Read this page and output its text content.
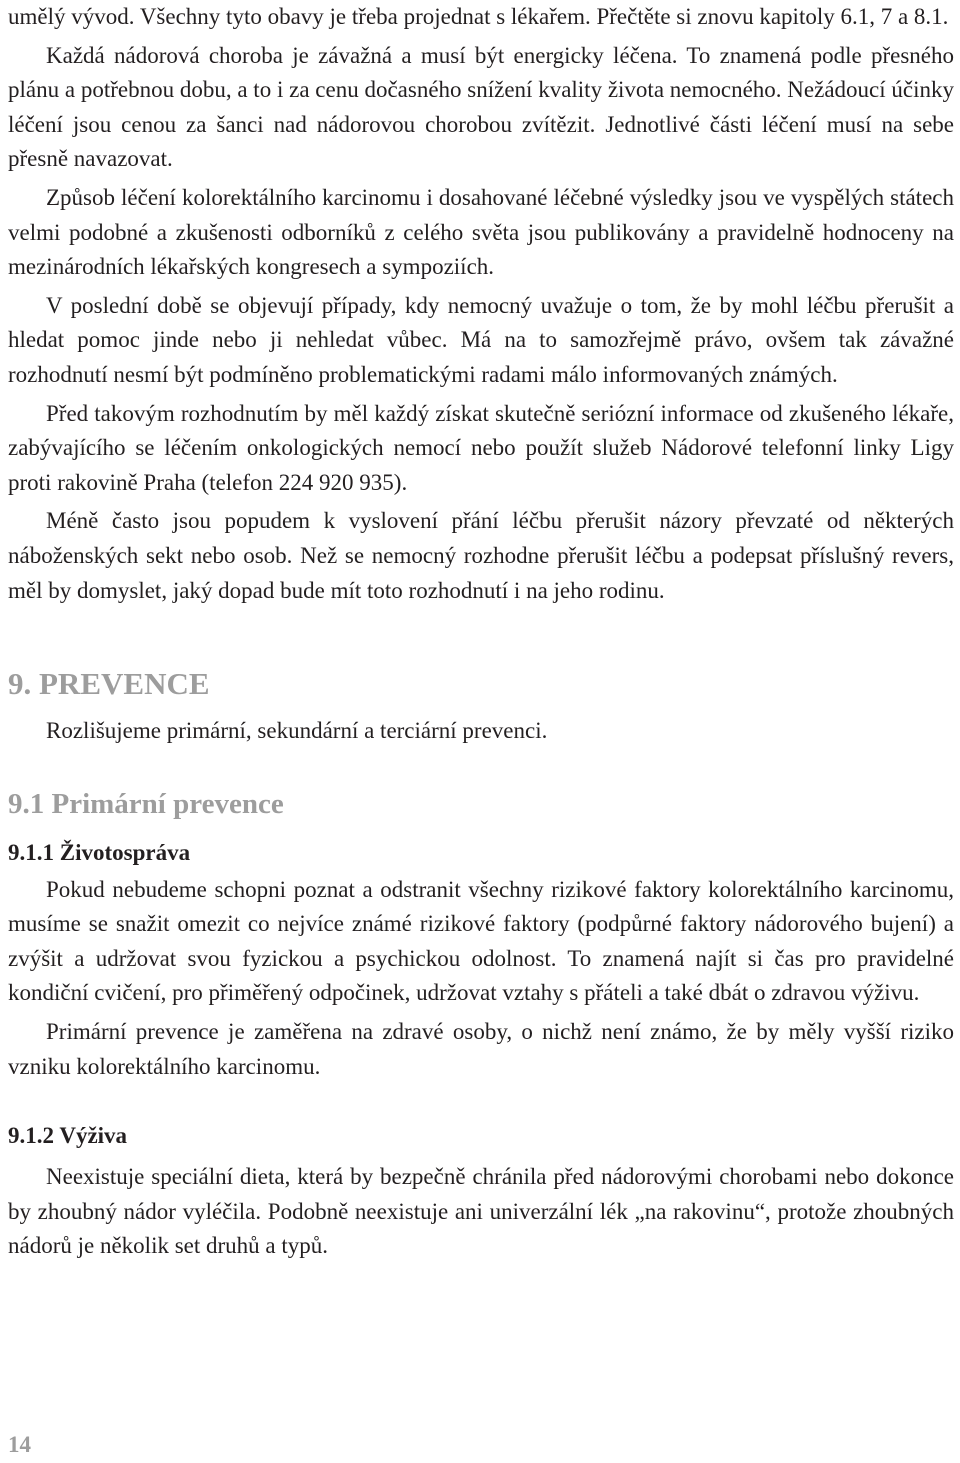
umělý vývod. Všechny tyto obavy je třeba projednat s lékařem. Přečtěte si znovu kapitoly 6.1, 7 a 8.1.

Každá nádorová choroba je závažná a musí být energicky léčena. To znamená podle přesného plánu a potřebnou dobu, a to i za cenu dočasného snížení kvality života nemocného. Nežádoucí účinky léčení jsou cenou za šanci nad nádorovou chorobou zvítězit. Jednotlivé části léčení musí na sebe přesně navazovat.

Způsob léčení kolorektálního karcinomu i dosahované léčebné výsledky jsou ve vyspělých státech velmi podobné a zkušenosti odborníků z celého světa jsou publikovány a pravidelně hodnoceny na mezinárodních lékařských kongresech a sympoziích.

V poslední době se objevují případy, kdy nemocný uvažuje o tom, že by mohl léčbu přerušit a hledat pomoc jinde nebo ji nehledat vůbec. Má na to samozřejmě právo, ovšem tak závažné rozhodnutí nesmí být podmíněno problematickými radami málo informovaných známých.

Před takovým rozhodnutím by měl každý získat skutečně seriózní informace od zkušeného lékaře, zabývajícího se léčením onkologických nemocí nebo použít služeb Nádorové telefonní linky Ligy proti rakovině Praha (telefon 224 920 935).

Méně často jsou popudem k vyslovení přání léčbu přerušit názory převzaté od některých náboženských sekt nebo osob. Než se nemocný rozhodne přerušit léčbu a podepsat příslušný revers, měl by domyslet, jaký dopad bude mít toto rozhodnutí i na jeho rodinu.

9. PREVENCE

Rozlišujeme primární, sekundární a terciární prevenci.

9.1 Primární prevence
9.1.1 Životospráva

Pokud nebudeme schopni poznat a odstranit všechny rizikové faktory kolorektálního karcinomu, musíme se snažit omezit co nejvíce známé rizikové faktory (podpůrné faktory nádorového bujení) a zvýšit a udržovat svou fyzickou a psychickou odolnost. To znamená najít si čas pro pravidelné kondiční cvičení, pro přiměřený odpočinek, udržovat vztahy s přáteli a také dbát o zdravou výživu.

Primární prevence je zaměřena na zdravé osoby, o nichž není známo, že by měly vyšší riziko vzniku kolorektálního karcinomu.

9.1.2 Výživa

Neexistuje speciální dieta, která by bezpečně chránila před nádorovými chorobami nebo dokonce by zhoubný nádor vyléčila. Podobně neexistuje ani univerzální lék „na rakovinu“, protože zhoubných nádorů je několik set druhů a typů.

14
